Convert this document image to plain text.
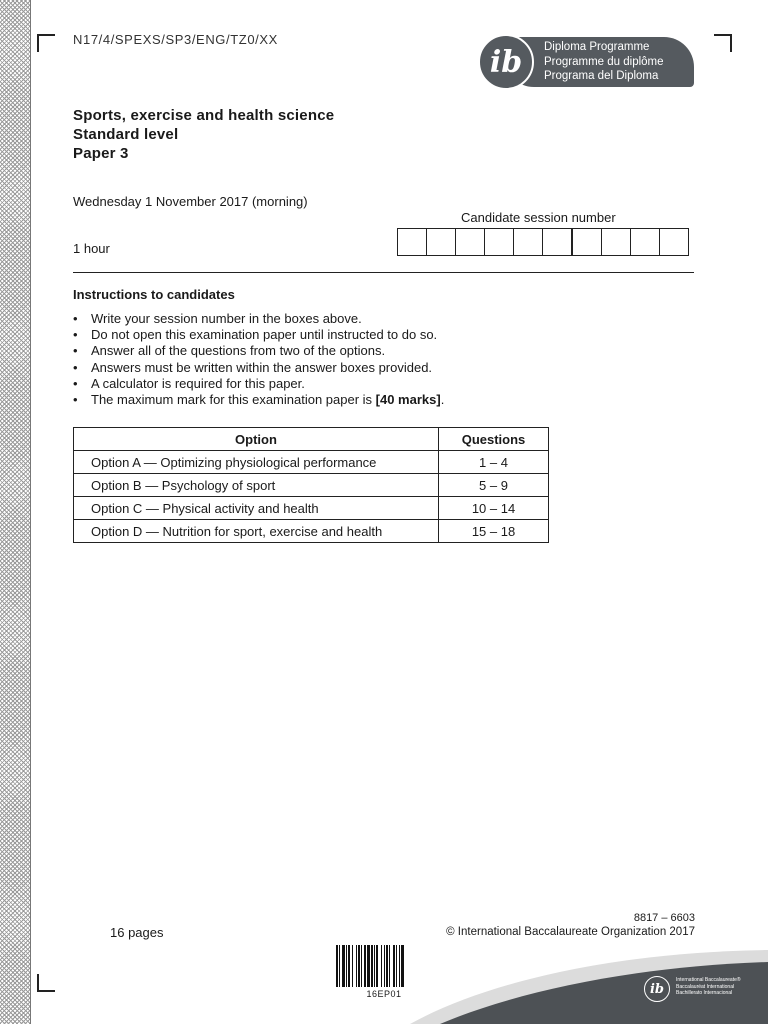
N17/4/SPEXS/SP3/ENG/TZ0/XX
ib	Diploma Programme
Programme du diplôme
Programa del Diploma
Sports, exercise and health science
Standard level
Paper 3
Wednesday 1 November 2017 (morning)
1 hour
Candidate session number
Instructions to candidates
• Write your session number in the boxes above.
• Do not open this examination paper until instructed to do so.
• Answer all of the questions from two of the options.
• Answers must be written within the answer boxes provided.
• A calculator is required for this paper.
• The maximum mark for this examination paper is [40 marks].
Option	Questions
Option A — Optimizing physiological performance	1 – 4
Option B — Psychology of sport	5 – 9
Option C — Physical activity and health	10 – 14
Option D — Nutrition for sport, exercise and health	15 – 18
16 pages
8817 – 6603
© International Baccalaureate Organization 2017
ib
International Baccalaureate®
Baccalauréat International
Bachillerato Internacional
16EP01
